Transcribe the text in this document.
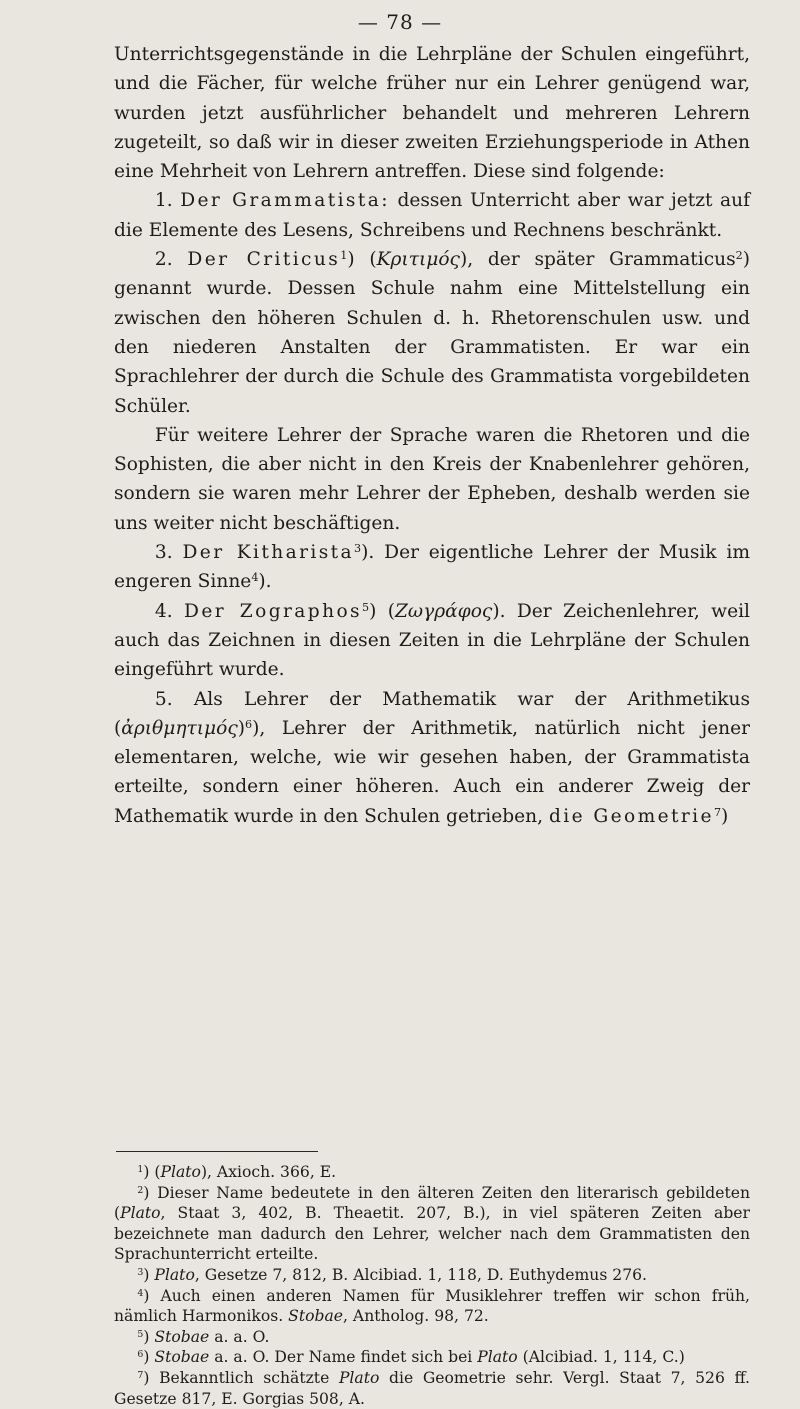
— 78 —

Unterrichtsgegenstände in die Lehrpläne der Schulen eingeführt, und die Fächer, für welche früher nur ein Lehrer genügend war, wurden jetzt ausführlicher behandelt und mehreren Lehrern zugeteilt, so daß wir in dieser zweiten Erziehungsperiode in Athen eine Mehrheit von Lehrern antreffen. Diese sind folgende:

1. Der Grammatista: dessen Unterricht aber war jetzt auf die Elemente des Lesens, Schreibens und Rechnens beschränkt.

2. Der Criticus$^1$) (Κριτιμός), der später Grammaticus$^2$) genannt wurde. Dessen Schule nahm eine Mittelstellung ein zwischen den höheren Schulen d. h. Rhetorenschulen usw. und den niederen Anstalten der Grammatisten. Er war ein Sprachlehrer der durch die Schule des Grammatista vorgebildeten Schüler.

Für weitere Lehrer der Sprache waren die Rhetoren und die Sophisten, die aber nicht in den Kreis der Knabenlehrer gehören, sondern sie waren mehr Lehrer der Epheben, deshalb werden sie uns weiter nicht beschäftigen.

3. Der Kitharista$^3$). Der eigentliche Lehrer der Musik im engeren Sinne$^4$).

4. Der Zographos$^5$) (Ζωγράφος). Der Zeichenlehrer, weil auch das Zeichnen in diesen Zeiten in die Lehrpläne der Schulen eingeführt wurde.

5. Als Lehrer der Mathematik war der Arithmetikus (ἀριθμητιμός)$^6$), Lehrer der Arithmetik, natürlich nicht jener elementaren, welche, wie wir gesehen haben, der Grammatista erteilte, sondern einer höheren. Auch ein anderer Zweig der Mathematik wurde in den Schulen getrieben, die Geometrie$^7$)

$^1$) (Plato), Axioch. 366, E.

$^2$) Dieser Name bedeutete in den älteren Zeiten den literarisch gebildeten (Plato, Staat 3, 402, B. Theaetit. 207, B.), in viel späteren Zeiten aber bezeichnete man dadurch den Lehrer, welcher nach dem Grammatisten den Sprachunterricht erteilte.

$^3$) Plato, Gesetze 7, 812, B. Alcibiad. 1, 118, D. Euthydemus 276.

$^4$) Auch einen anderen Namen für Musiklehrer treffen wir schon früh, nämlich Harmonikos. Stobae, Antholog. 98, 72.

$^5$) Stobae a. a. O.

$^6$) Stobae a. a. O. Der Name findet sich bei Plato (Alcibiad. 1, 114, C.)

$^7$) Bekanntlich schätzte Plato die Geometrie sehr. Vergl. Staat 7, 526 ff. Gesetze 817, E. Gorgias 508, A.
